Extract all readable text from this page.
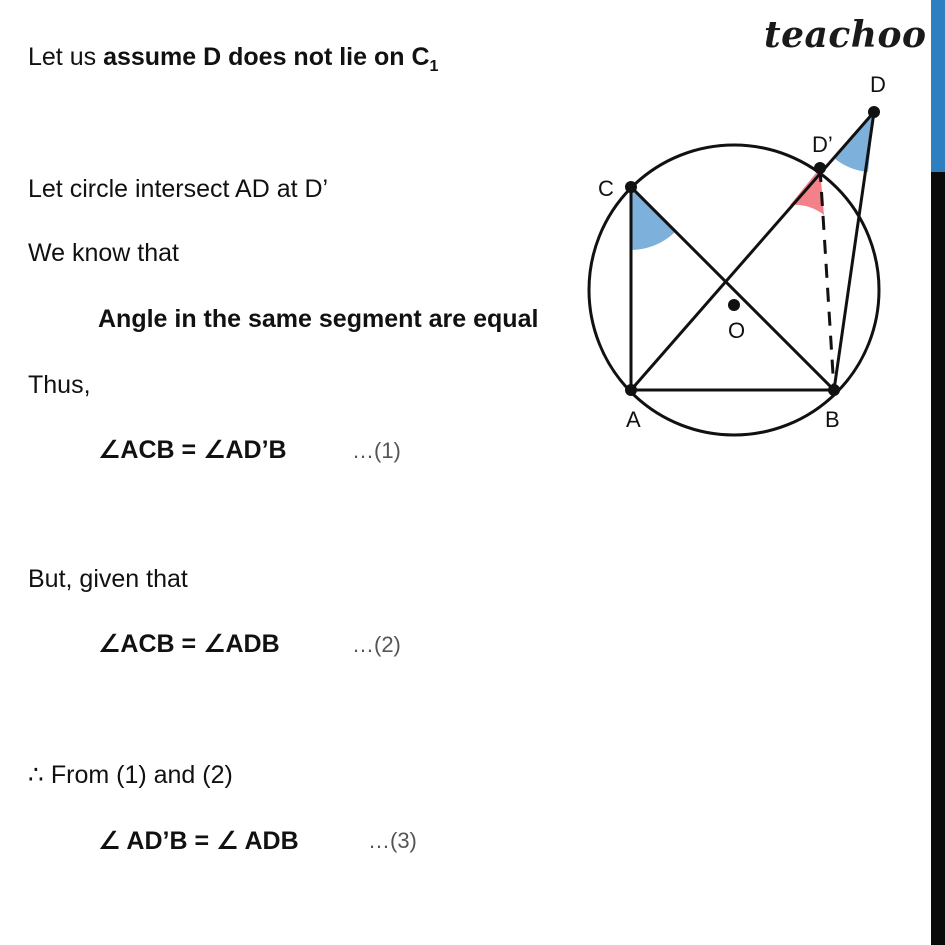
teachoo
Let us assume D does not lie on $C_1$
Let circle intersect AD at D’
We know that
Angle in the same segment are equal
Thus,
∠ACB = ∠AD’B	…(1)
But, given that
∠ACB = ∠ADB	…(2)
∴ From (1) and (2)
∠ AD’B = ∠ ADB	…(3)
C
A	B
D’
D
O
